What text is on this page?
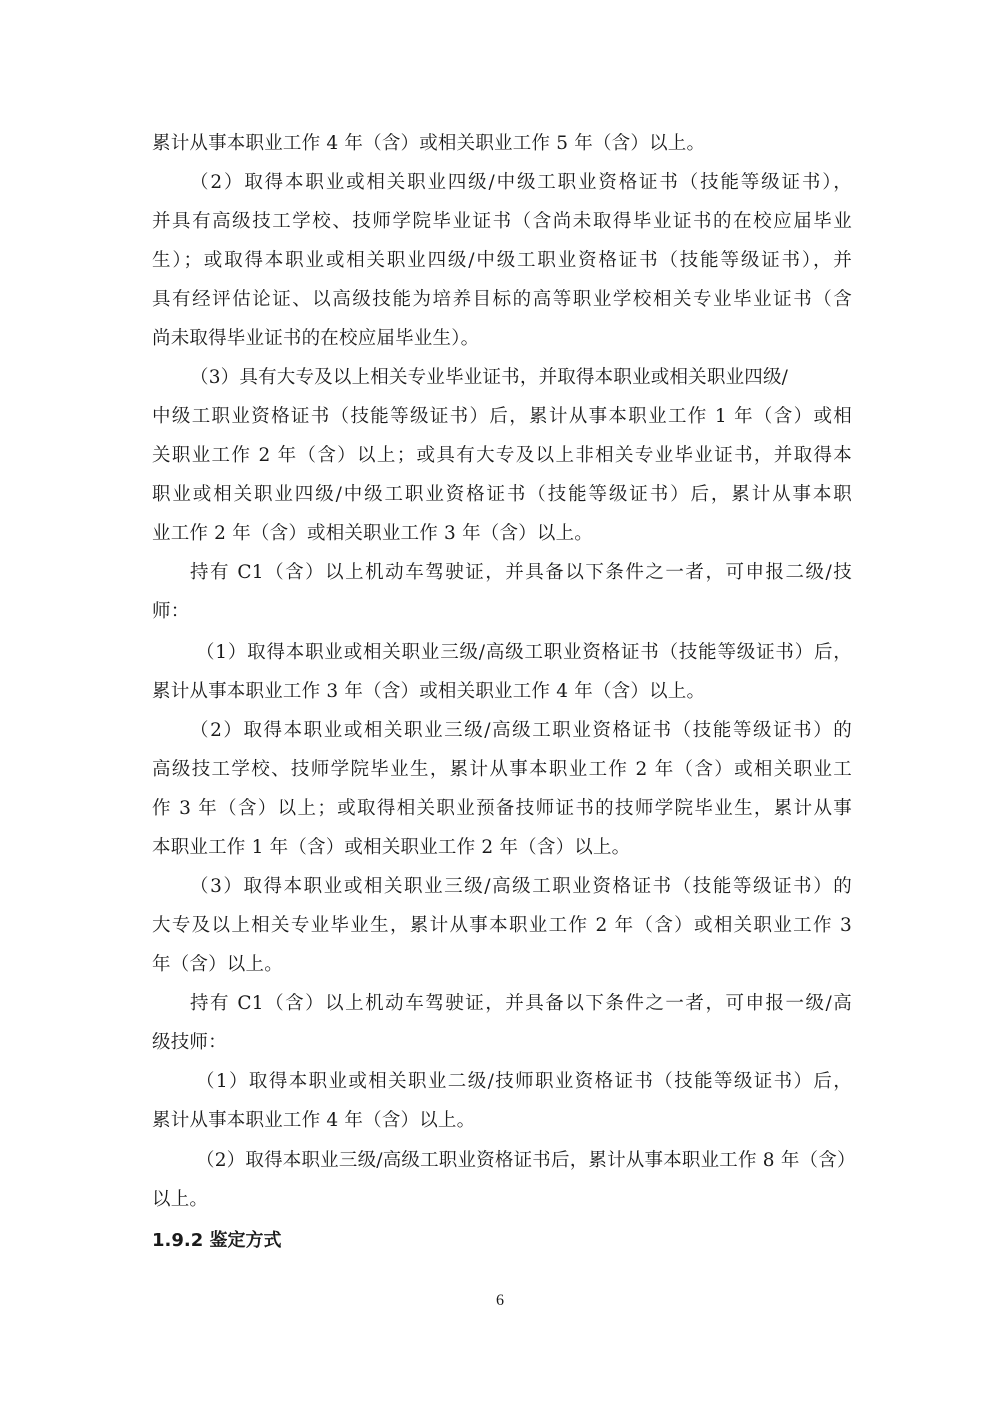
累计从事本职业工作 4 年（含）或相关职业工作 5 年（含）以上。
（2）取得本职业或相关职业四级/中级工职业资格证书（技能等级证书），
并具有高级技工学校、技师学院毕业证书（含尚未取得毕业证书的在校应届毕业
生）；或取得本职业或相关职业四级/中级工职业资格证书（技能等级证书），并
具有经评估论证、以高级技能为培养目标的高等职业学校相关专业毕业证书（含
尚未取得毕业证书的在校应届毕业生）。
（3）具有大专及以上相关专业毕业证书，并取得本职业或相关职业四级/
中级工职业资格证书（技能等级证书）后，累计从事本职业工作 1 年（含）或相
关职业工作 2 年（含）以上；或具有大专及以上非相关专业毕业证书，并取得本
职业或相关职业四级/中级工职业资格证书（技能等级证书）后，累计从事本职
业工作 2 年（含）或相关职业工作 3 年（含）以上。
持有 C1（含）以上机动车驾驶证，并具备以下条件之一者，可申报二级/技
师：
（1）取得本职业或相关职业三级/高级工职业资格证书（技能等级证书）后，
累计从事本职业工作 3 年（含）或相关职业工作 4 年（含）以上。
（2）取得本职业或相关职业三级/高级工职业资格证书（技能等级证书）的
高级技工学校、技师学院毕业生，累计从事本职业工作 2 年（含）或相关职业工
作 3 年（含）以上；或取得相关职业预备技师证书的技师学院毕业生，累计从事
本职业工作 1 年（含）或相关职业工作 2 年（含）以上。
（3）取得本职业或相关职业三级/高级工职业资格证书（技能等级证书）的
大专及以上相关专业毕业生，累计从事本职业工作 2 年（含）或相关职业工作 3
年（含）以上。
持有 C1（含）以上机动车驾驶证，并具备以下条件之一者，可申报一级/高
级技师：
（1）取得本职业或相关职业二级/技师职业资格证书（技能等级证书）后，
累计从事本职业工作 4 年（含）以上。
（2）取得本职业三级/高级工职业资格证书后，累计从事本职业工作 8 年（含）
以上。
1.9.2 鉴定方式
6
